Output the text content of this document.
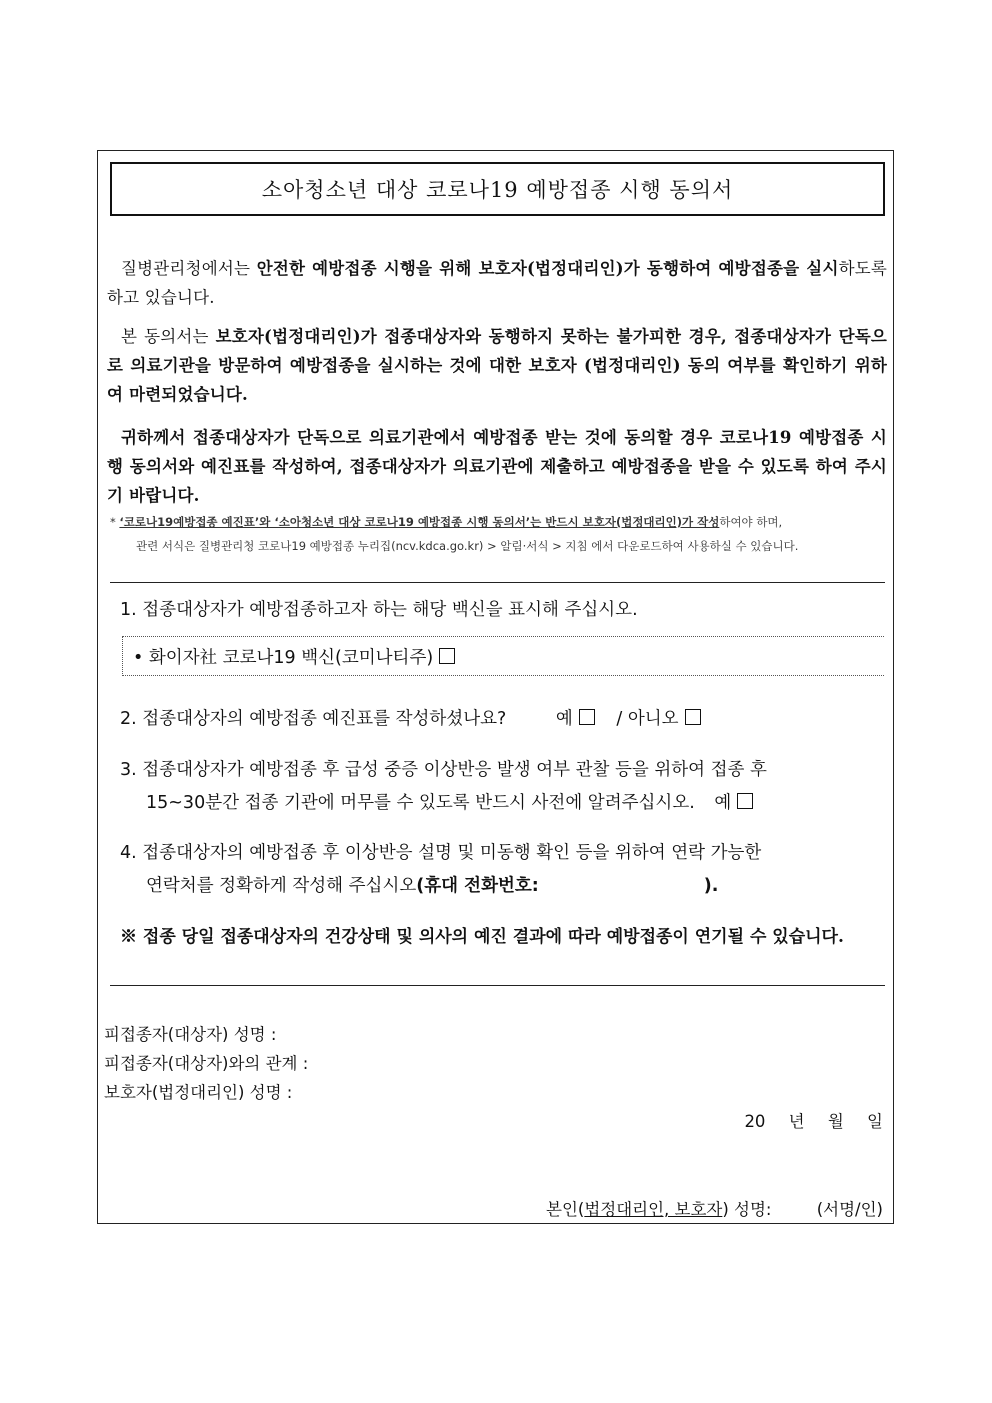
소아청소년 대상 코로나19 예방접종 시행 동의서
질병관리청에서는 안전한 예방접종 시행을 위해 보호자(법정대리인)가 동행하여 예방접종을 실시하도록 하고 있습니다.
본 동의서는 보호자(법정대리인)가 접종대상자와 동행하지 못하는 불가피한 경우, 접종대상자가 단독으로 의료기관을 방문하여 예방접종을 실시하는 것에 대한 보호자 (법정대리인) 동의 여부를 확인하기 위하여 마련되었습니다.
귀하께서 접종대상자가 단독으로 의료기관에서 예방접종 받는 것에 동의할 경우 코로나19 예방접종 시행 동의서와 예진표를 작성하여, 접종대상자가 의료기관에 제출하고 예방접종을 받을 수 있도록 하여 주시기 바랍니다.
* ‘코로나19예방접종 예진표’와 ‘소아청소년 대상 코로나19 예방접종 시행 동의서’는 반드시 보호자(법정대리인)가 작성하여야 하며,
관련 서식은 질병관리청 코로나19 예방접종 누리집(ncv.kdca.go.kr) > 알림·서식 > 지침 에서 다운로드하여 사용하실 수 있습니다.
1. 접종대상자가 예방접종하고자 하는 해당 백신을 표시해 주십시오.
• 화이자社 코로나19 백신(코미나티주)
2. 접종대상자의 예방접종 예진표를 작성하셨나요?	예 / 아니오
3. 접종대상자가 예방접종 후 급성 중증 이상반응 발생 여부 관찰 등을 위하여 접종 후
15~30분간 접종 기관에 머무를 수 있도록 반드시 사전에 알려주십시오. 예
4. 접종대상자의 예방접종 후 이상반응 설명 및 미동행 확인 등을 위하여 연락 가능한
연락처를 정확하게 작성해 주십시오(휴대 전화번호:	).
※ 접종 당일 접종대상자의 건강상태 및 의사의 예진 결과에 따라 예방접종이 연기될 수 있습니다.
피접종자(대상자) 성명 :
피접종자(대상자)와의 관계 :
보호자(법정대리인) 성명 :
20 년 월 일
본인(법정대리인, 보호자) 성명:	(서명/인)
